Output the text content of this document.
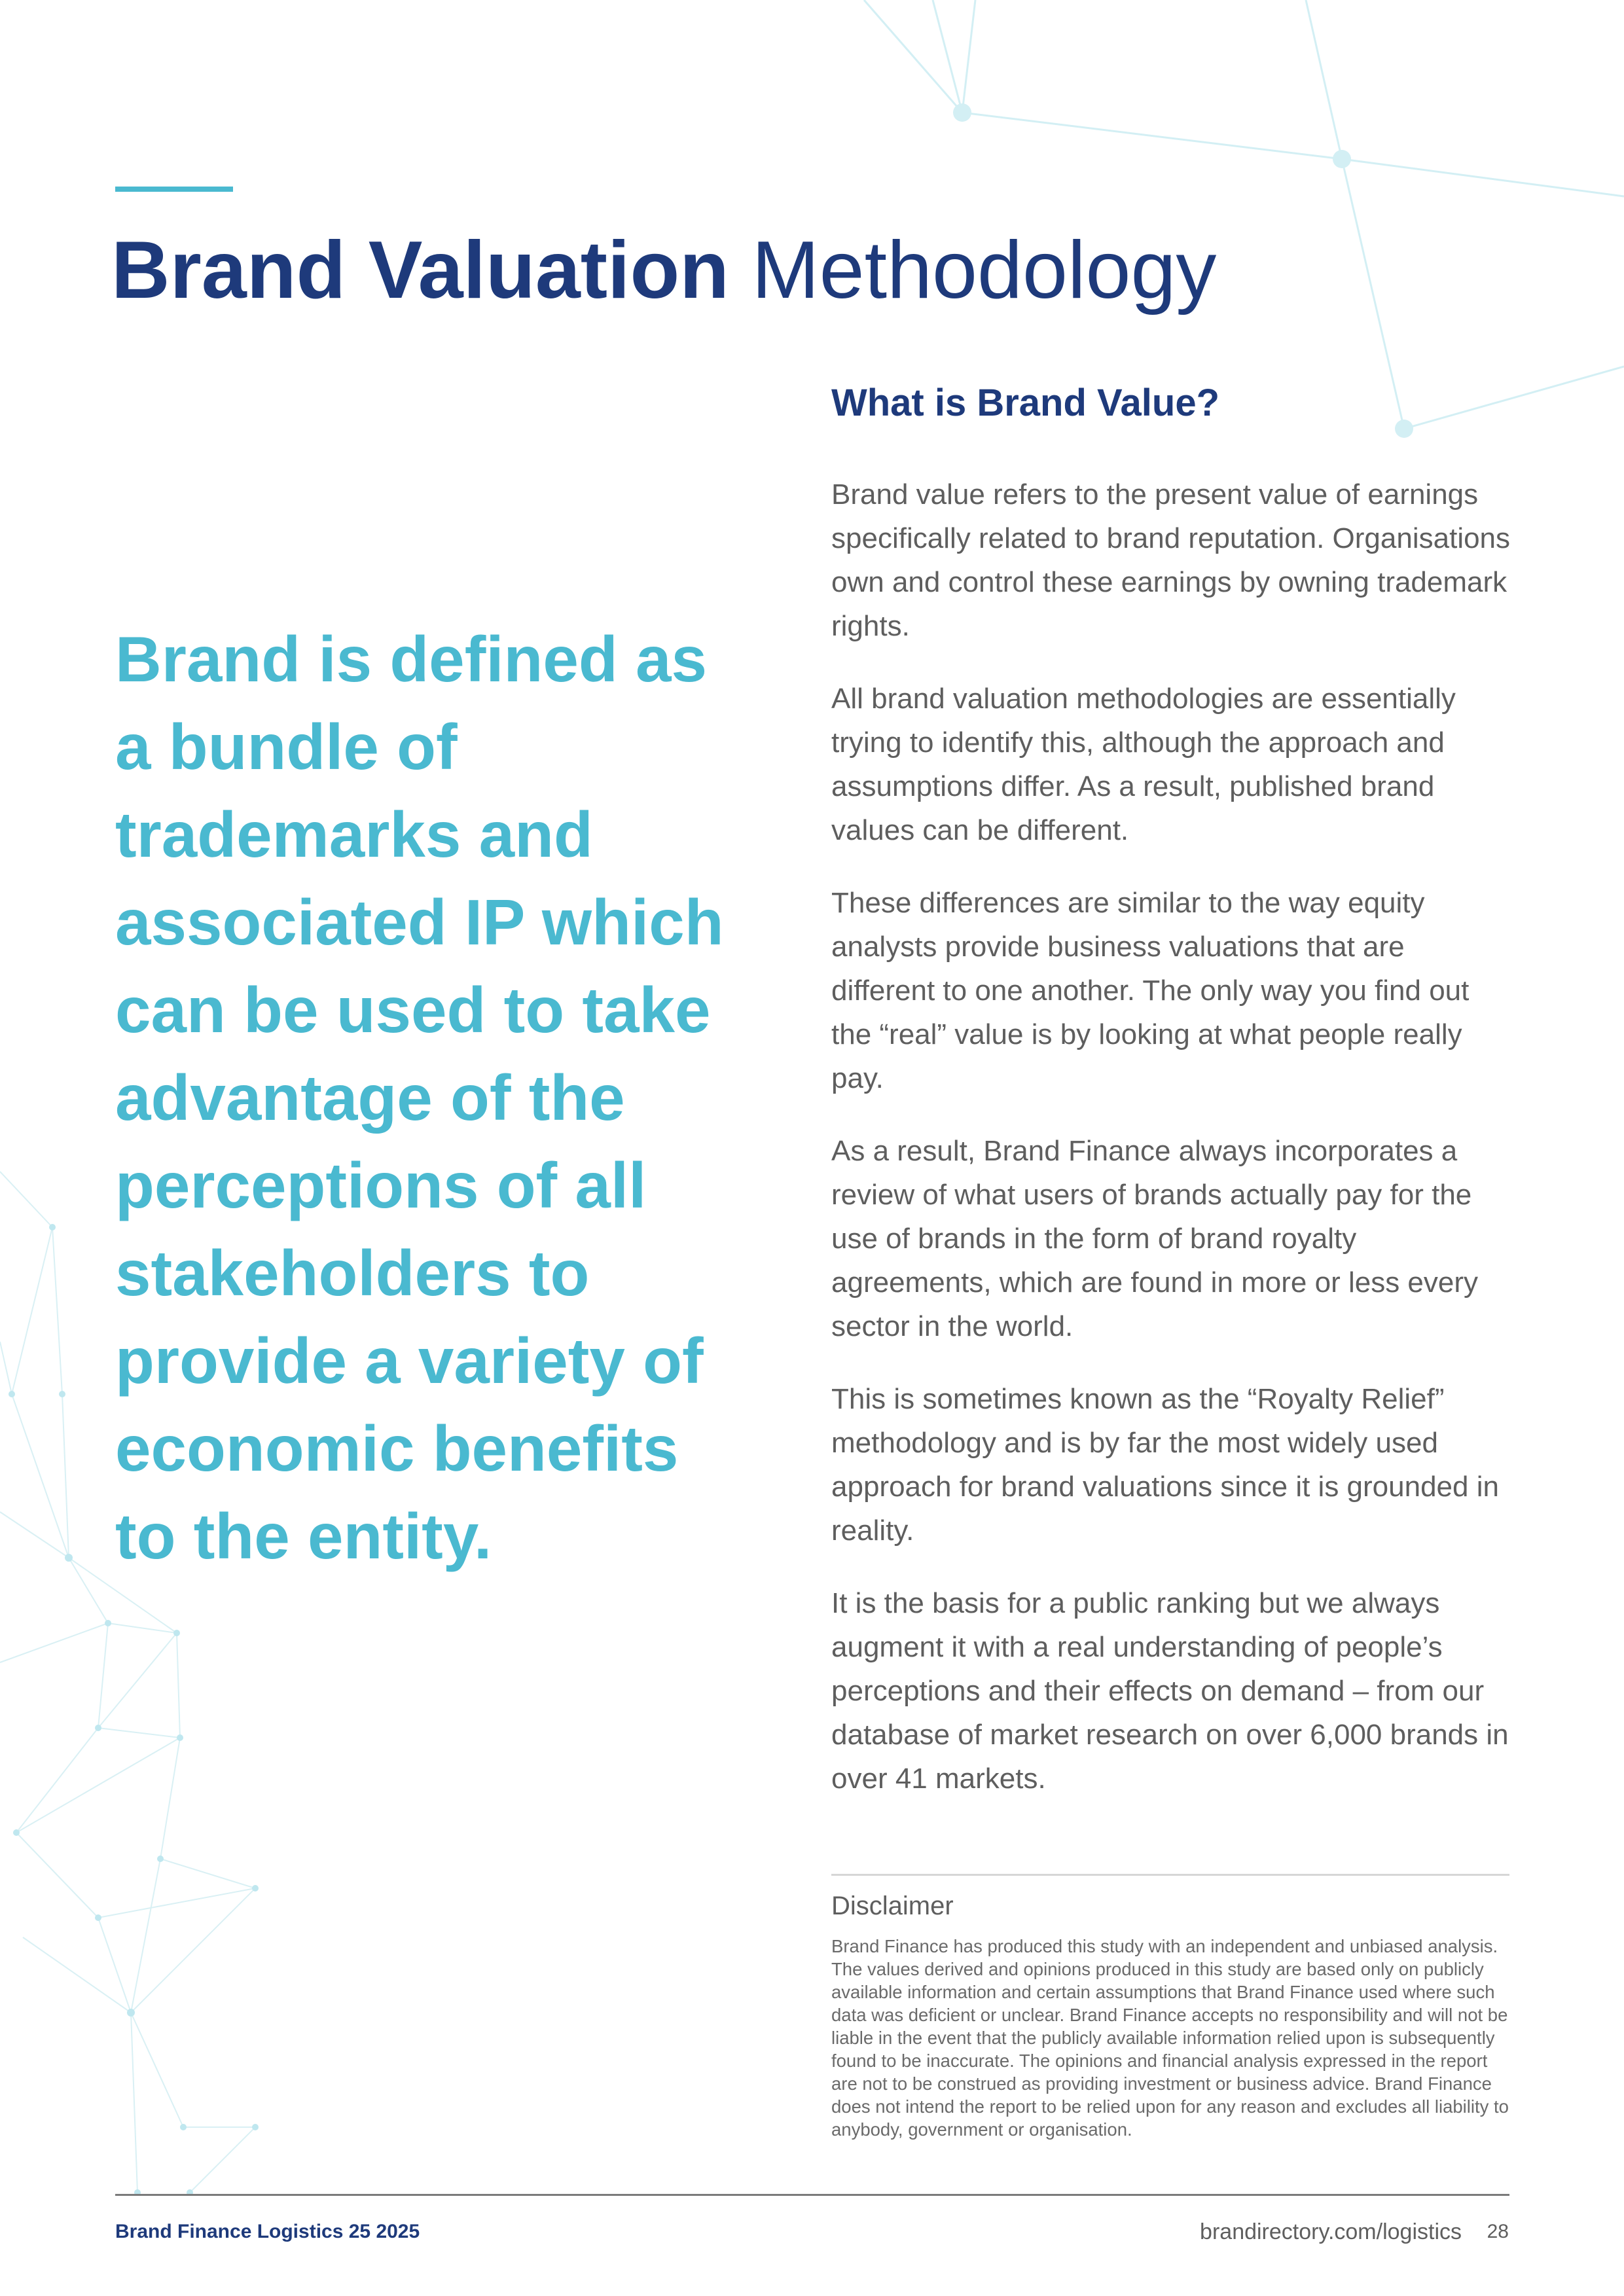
Brand Valuation Methodology

Brand is defined as a bundle of trademarks and associated IP which can be used to take advantage of the perceptions of all stakeholders to provide a variety of economic benefits to the entity.

What is Brand Value?

Brand value refers to the present value of earnings specifically related to brand reputation. Organisations own and control these earnings by owning trademark rights.

All brand valuation methodologies are essentially trying to identify this, although the approach and assumptions differ. As a result, published brand values can be different.

These differences are similar to the way equity analysts provide business valuations that are different to one another. The only way you find out the “real” value is by looking at what people really pay.

As a result, Brand Finance always incorporates a review of what users of brands actually pay for the use of brands in the form of brand royalty agreements, which are found in more or less every sector in the world.

This is sometimes known as the “Royalty Relief” methodology and is by far the most widely used approach for brand valuations since it is grounded in reality.

It is the basis for a public ranking but we always augment it with a real understanding of people’s perceptions and their effects on demand – from our database of market research on over 6,000 brands in over 41 markets.

Disclaimer

Brand Finance has produced this study with an independent and unbiased analysis. The values derived and opinions produced in this study are based only on publicly available information and certain assumptions that Brand Finance used where such data was deficient or unclear. Brand Finance accepts no responsibility and will not be liable in the event that the publicly available information relied upon is subsequently found to be inaccurate. The opinions and financial analysis expressed in the report are not to be construed as providing investment or business advice. Brand Finance does not intend the report to be relied upon for any reason and excludes all liability to anybody, government or organisation.

Brand Finance Logistics 25 2025	brandirectory.com/logistics 28
